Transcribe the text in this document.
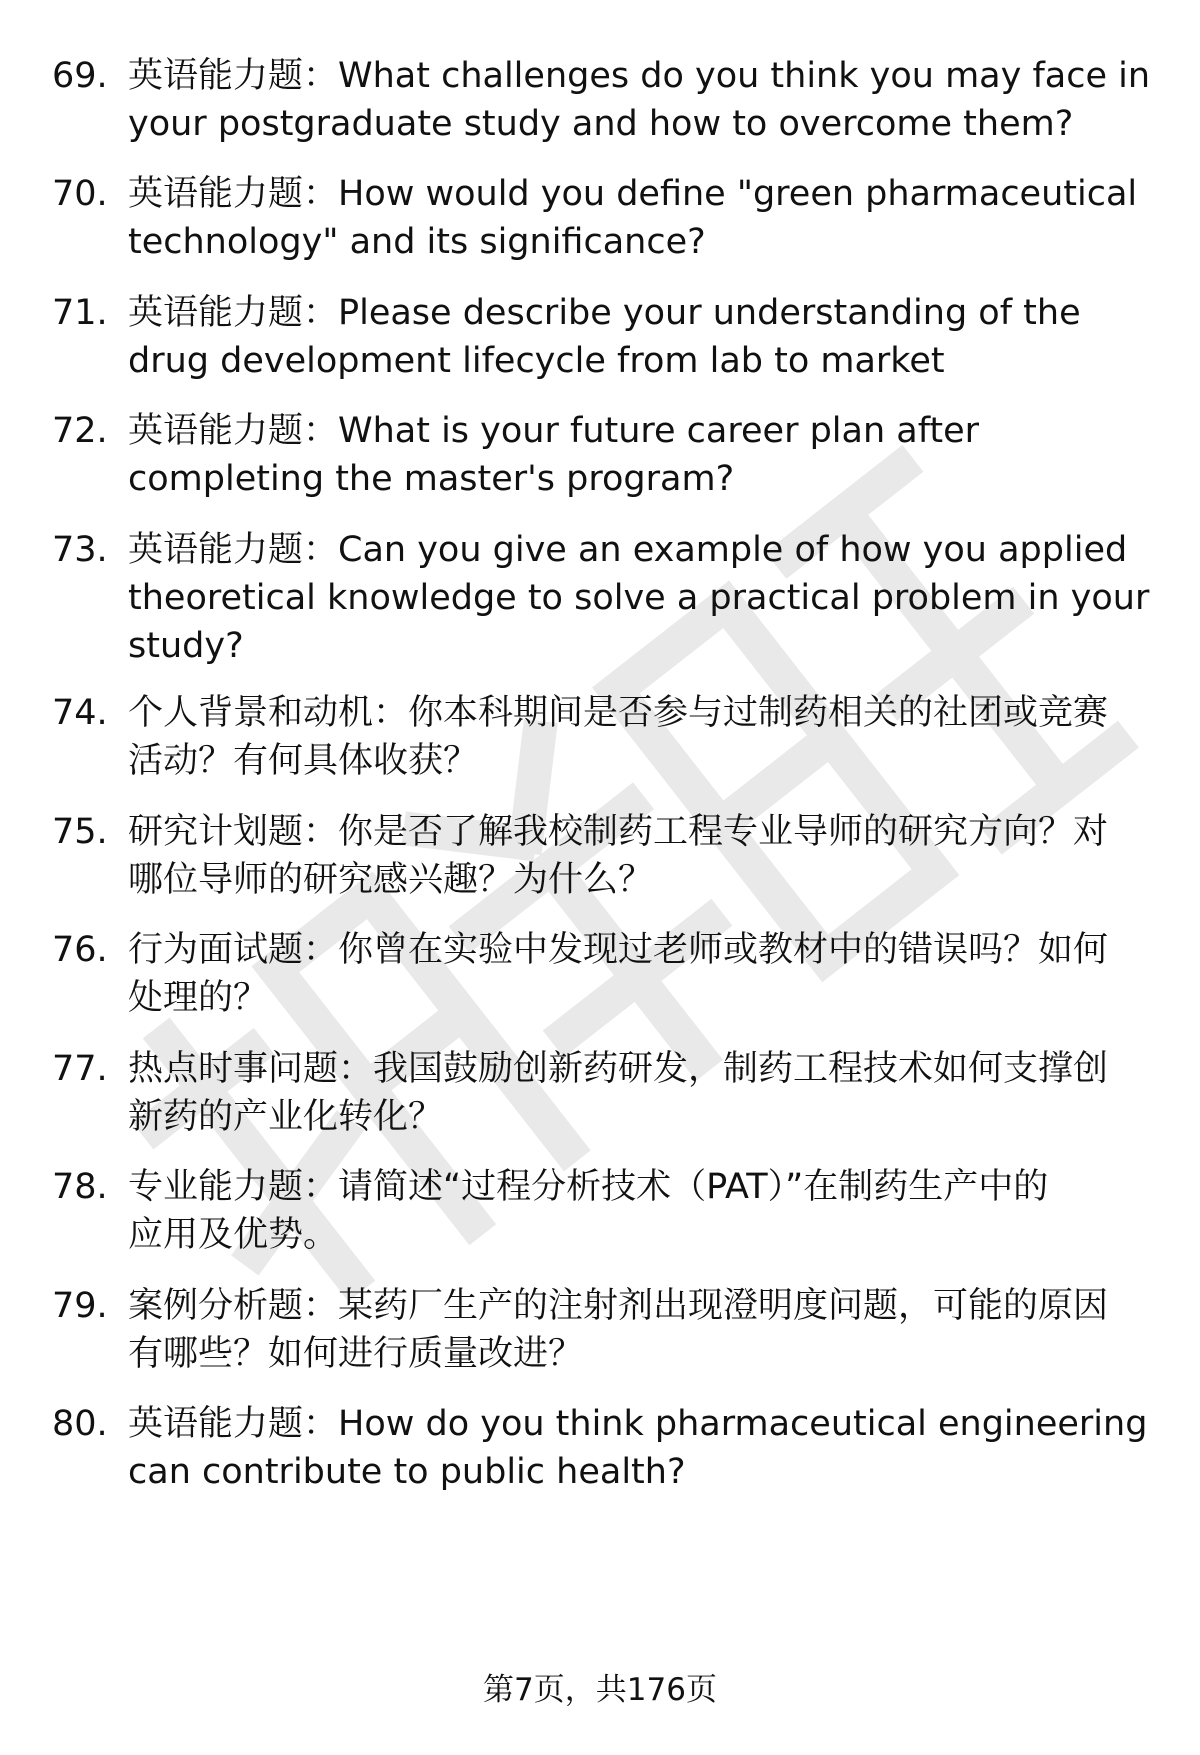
69. 英语能力题：What challenges do you think you may face in
your postgraduate study and how to overcome them?
70. 英语能力题：How would you define "green pharmaceutical
technology" and its significance?
71. 英语能力题：Please describe your understanding of the
drug development lifecycle from lab to market
72. 英语能力题：What is your future career plan after
completing the master's program?
73. 英语能力题：Can you give an example of how you applied
theoretical knowledge to solve a practical problem in your
study?
74. 个人背景和动机：你本科期间是否参与过制药相关的社团或竞赛
活动？有何具体收获？
75. 研究计划题：你是否了解我校制药工程专业导师的研究方向？对
哪位导师的研究感兴趣？为什么？
76. 行为面试题：你曾在实验中发现过老师或教材中的错误吗？如何
处理的？
77. 热点时事问题：我国鼓励创新药研发，制药工程技术如何支撑创
新药的产业化转化？
78. 专业能力题：请简述“过程分析技术（PAT）”在制药生产中的
应用及优势。
79. 案例分析题：某药厂生产的注射剂出现澄明度问题，可能的原因
有哪些？如何进行质量改进？
80. 英语能力题：How do you think pharmaceutical engineering
can contribute to public health?
第7页，共176页
